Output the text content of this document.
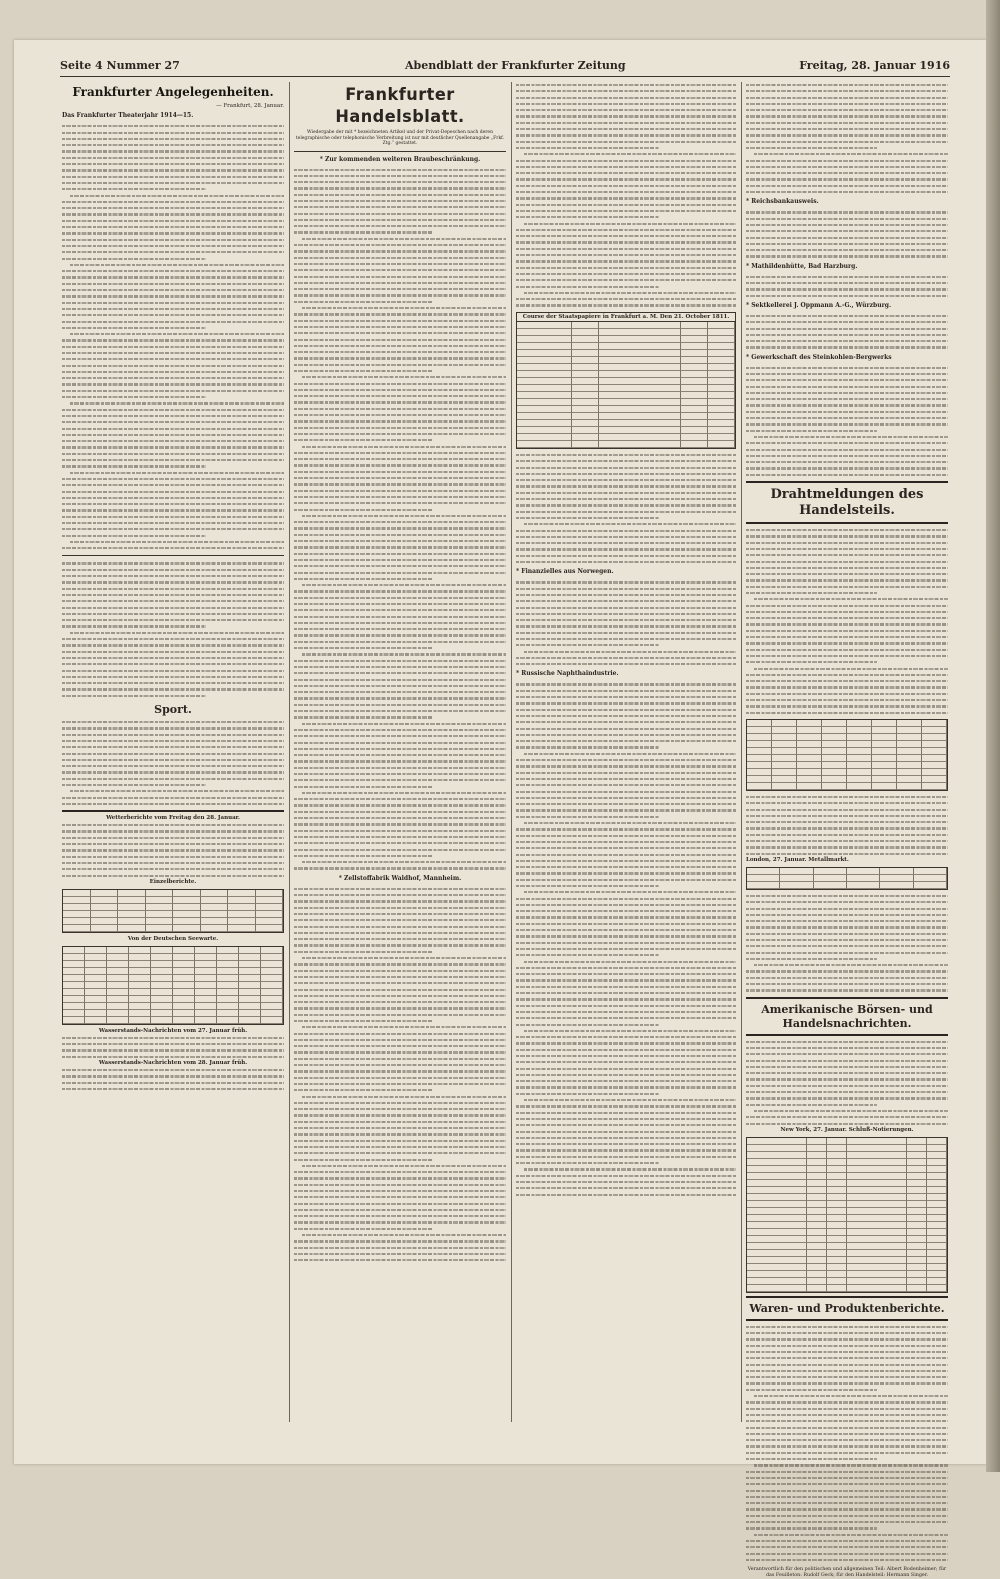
Seite 4 Nummer 27	Abendblatt der Frankfurter Zeitung	Freitag, 28. Januar 1916
Frankfurter Angelegenheiten.
— Frankfurt, 28. Januar.
Das Frankfurter Theaterjahr 1914—15.
Sport.
Wetterberichte vom Freitag den 28. Januar.
Einzelberichte.
Von der Deutschen Seewarte.
Wasserstands-Nachrichten vom 27. Januar früh.
Wasserstands-Nachrichten vom 28. Januar früh.
Frankfurter Handelsblatt.
Wiedergabe der mit * bezeichneten Artikel und der Privat-Depeschen nach deren telegraphische oder telephonische Verbreitung ist nur mit deutlicher Quellenangabe „Frkf. Ztg.“ gestattet.
* Zur kommenden weiteren Braubeschränkung.
* Zellstoffabrik Waldhof, Mannheim.
Course der Staatspapiere in Frankfurt a. M. Den 21. October 1811.
* Finanzielles aus Norwegen.
* Russische Naphthaindustrie.
* Reichsbankausweis.
* Mathildenhütte, Bad Harzburg.
* Sektkellerei J. Oppmann A.-G., Würzburg.
* Gewerkschaft des Steinkohlen-Bergwerks
Drahtmeldungen des Handelsteils.
London, 27. Januar. Metallmarkt.
Amerikanische Börsen- und Handelsnachrichten.
New York, 27. Januar. Schluß-Notierungen.
Waren- und Produktenberichte.
Verantwortlich für den politischen und allgemeinen Teil: Albert Bodenheimer; für das Feuilleton: Rudolf Geck; für den Handelsteil: Hermann Singer.
